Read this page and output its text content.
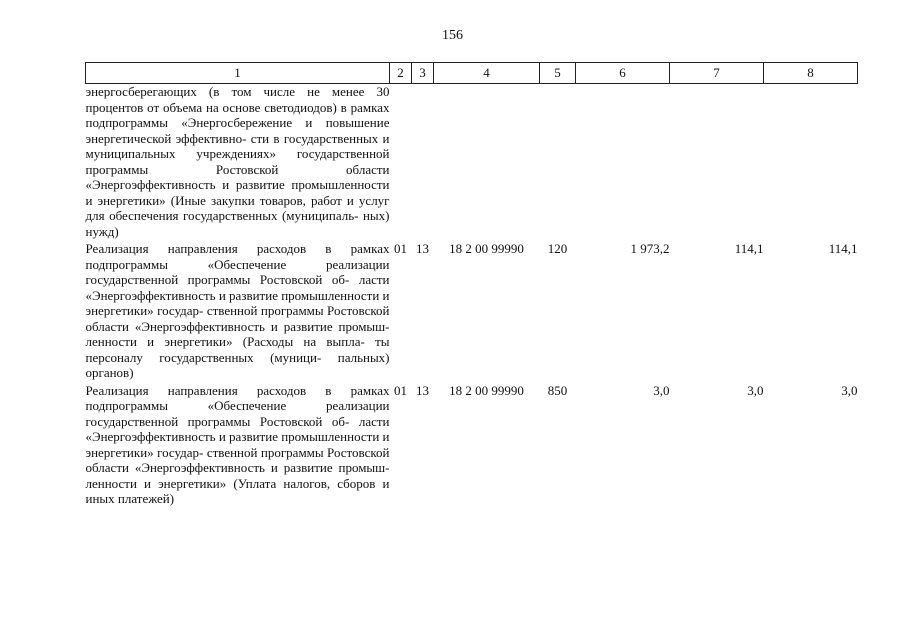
156
1	2	3	4	5	6	7	8
энергосберегающих (в том числе не менее 30 процентов от объема на основе светодиодов) в рамках подпрограммы «Энергосбережение и повышение энергетической эффективно- сти в государственных и муниципальных учреждениях» государственной программы Ростовской области «Энергоэффективность и развитие промышленности и энергетики» (Иные закупки товаров, работ и услуг для обеспечения государственных (муниципаль- ных) нужд)							
Реализация направления расходов в рамках подпрограммы «Обеспечение реализации государственной программы Ростовской об- ласти «Энергоэффективность и развитие промышленности и энергетики» государ- ственной программы Ростовской области «Энергоэффективность и развитие промыш- ленности и энергетики» (Расходы на выпла- ты персоналу государственных (муници- пальных) органов)	01	13	18 2 00 99990	120	1 973,2	114,1	114,1
Реализация направления расходов в рамках подпрограммы «Обеспечение реализации государственной программы Ростовской об- ласти «Энергоэффективность и развитие промышленности и энергетики» государ- ственной программы Ростовской области «Энергоэффективность и развитие промыш- ленности и энергетики» (Уплата налогов, сборов и иных платежей)	01	13	18 2 00 99990	850	3,0	3,0	3,0
